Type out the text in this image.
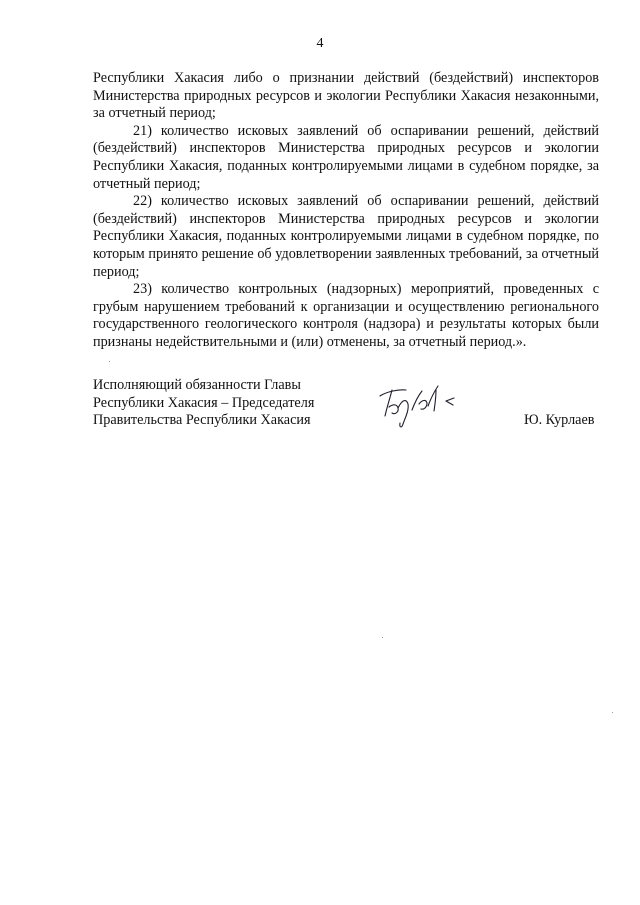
4

Республики Хакасия либо о признании действий (бездействий) инспекторов Министерства природных ресурсов и экологии Республики Хакасия незаконными, за отчетный период;

21) количество исковых заявлений об оспаривании решений, действий (бездействий) инспекторов Министерства природных ресурсов и экологии Республики Хакасия, поданных контролируемыми лицами в судебном порядке, за отчетный период;

22) количество исковых заявлений об оспаривании решений, действий (бездействий) инспекторов Министерства природных ресурсов и экологии Республики Хакасия, поданных контролируемыми лицами в судебном порядке, по которым принято решение об удовлетворении заявленных требований, за отчетный период;

23) количество контрольных (надзорных) мероприятий, проведенных с грубым нарушением требований к организации и осуществлению регионального государственного геологического контроля (надзора) и результаты которых были признаны недействительными и (или) отменены, за отчетный период.».

Исполняющий обязанности Главы
Республики Хакасия – Председателя
Правительства Республики Хакасия	Ю. Курлаев
